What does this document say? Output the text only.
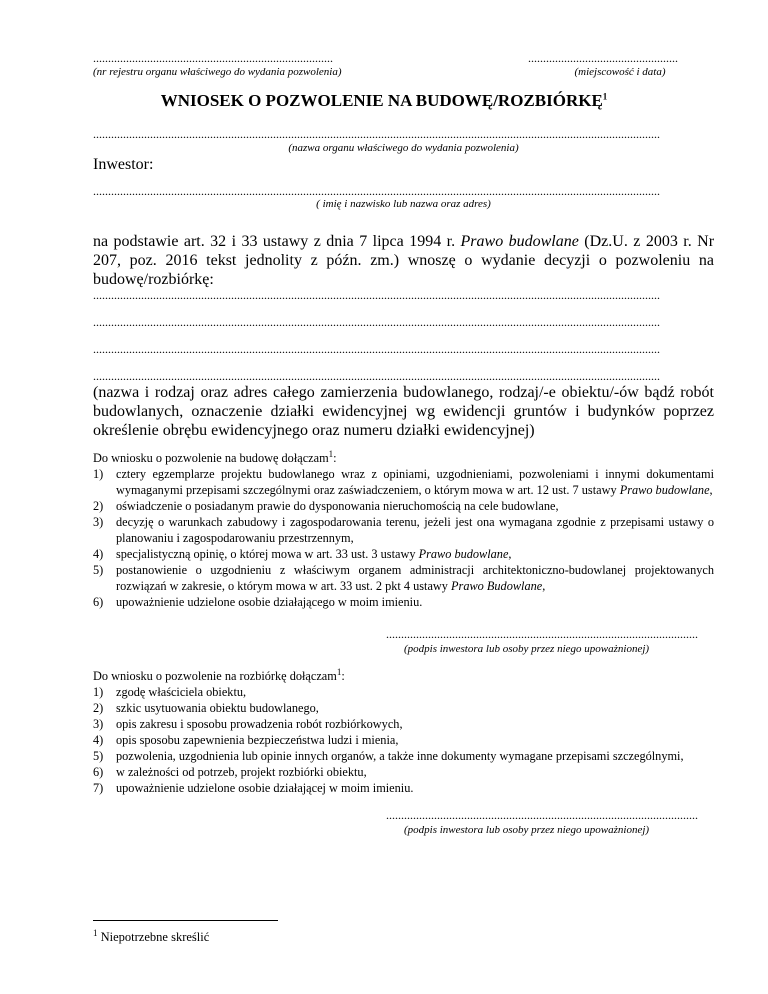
................................................................................
(nr rejestru organu właściwego do wydania pozwolenia)
..................................................
(miejscowość i data)
WNIOSEK O POZWOLENIE NA BUDOWĘ/ROZBIÓRKĘ$^1$
.............................................................................................................................................................................................
(nazwa organu właściwego do wydania pozwolenia)
Inwestor:
.............................................................................................................................................................................................
( imię i nazwisko lub nazwa oraz adres)
na podstawie art. 32 i 33 ustawy z dnia 7 lipca 1994 r. Prawo budowlane (Dz.U. z 2003 r. Nr 207, poz. 2016 tekst jednolity z późn. zm.) wnoszę o wydanie decyzji o pozwoleniu na budowę/rozbiórkę:
.............................................................................................................................................................................................
.............................................................................................................................................................................................
.............................................................................................................................................................................................
.............................................................................................................................................................................................
(nazwa i rodzaj oraz adres całego zamierzenia budowlanego, rodzaj/-e obiektu/-ów bądź robót budowlanych, oznaczenie działki ewidencyjnej wg ewidencji gruntów i budynków poprzez określenie obrębu ewidencyjnego oraz numeru działki ewidencyjnej)
Do wniosku o pozwolenie na budowę dołączam$^1$:
1) cztery egzemplarze projektu budowlanego wraz z opiniami, uzgodnieniami, pozwoleniami i innymi dokumentami wymaganymi przepisami szczególnymi oraz zaświadczeniem, o którym mowa w art. 12 ust. 7 ustawy Prawo budowlane,
2) oświadczenie o posiadanym prawie do dysponowania nieruchomością na cele budowlane,
3) decyzję o warunkach zabudowy i zagospodarowania terenu, jeżeli jest ona wymagana zgodnie z przepisami ustawy o planowaniu i zagospodarowaniu przestrzennym,
4) specjalistyczną opinię, o której mowa w art. 33 ust. 3 ustawy Prawo budowlane,
5) postanowienie o uzgodnieniu z właściwym organem administracji architektoniczno-budowlanej projektowanych rozwiązań w zakresie, o którym mowa w art. 33 ust. 2 pkt 4 ustawy Prawo Budowlane,
6) upoważnienie udzielone osobie działającego w moim imieniu.
........................................................................................................
(podpis inwestora lub osoby przez niego upoważnionej)
Do wniosku o pozwolenie na rozbiórkę dołączam$^1$:
1) zgodę właściciela obiektu,
2) szkic usytuowania obiektu budowlanego,
3) opis zakresu i sposobu prowadzenia robót rozbiórkowych,
4) opis sposobu zapewnienia bezpieczeństwa ludzi i mienia,
5) pozwolenia, uzgodnienia lub opinie innych organów, a także inne dokumenty wymagane przepisami szczególnymi,
6) w zależności od potrzeb, projekt rozbiórki obiektu,
7) upoważnienie udzielone osobie działającej w moim imieniu.
........................................................................................................
(podpis inwestora lub osoby przez niego upoważnionej)
$^1$ Niepotrzebne skreślić
